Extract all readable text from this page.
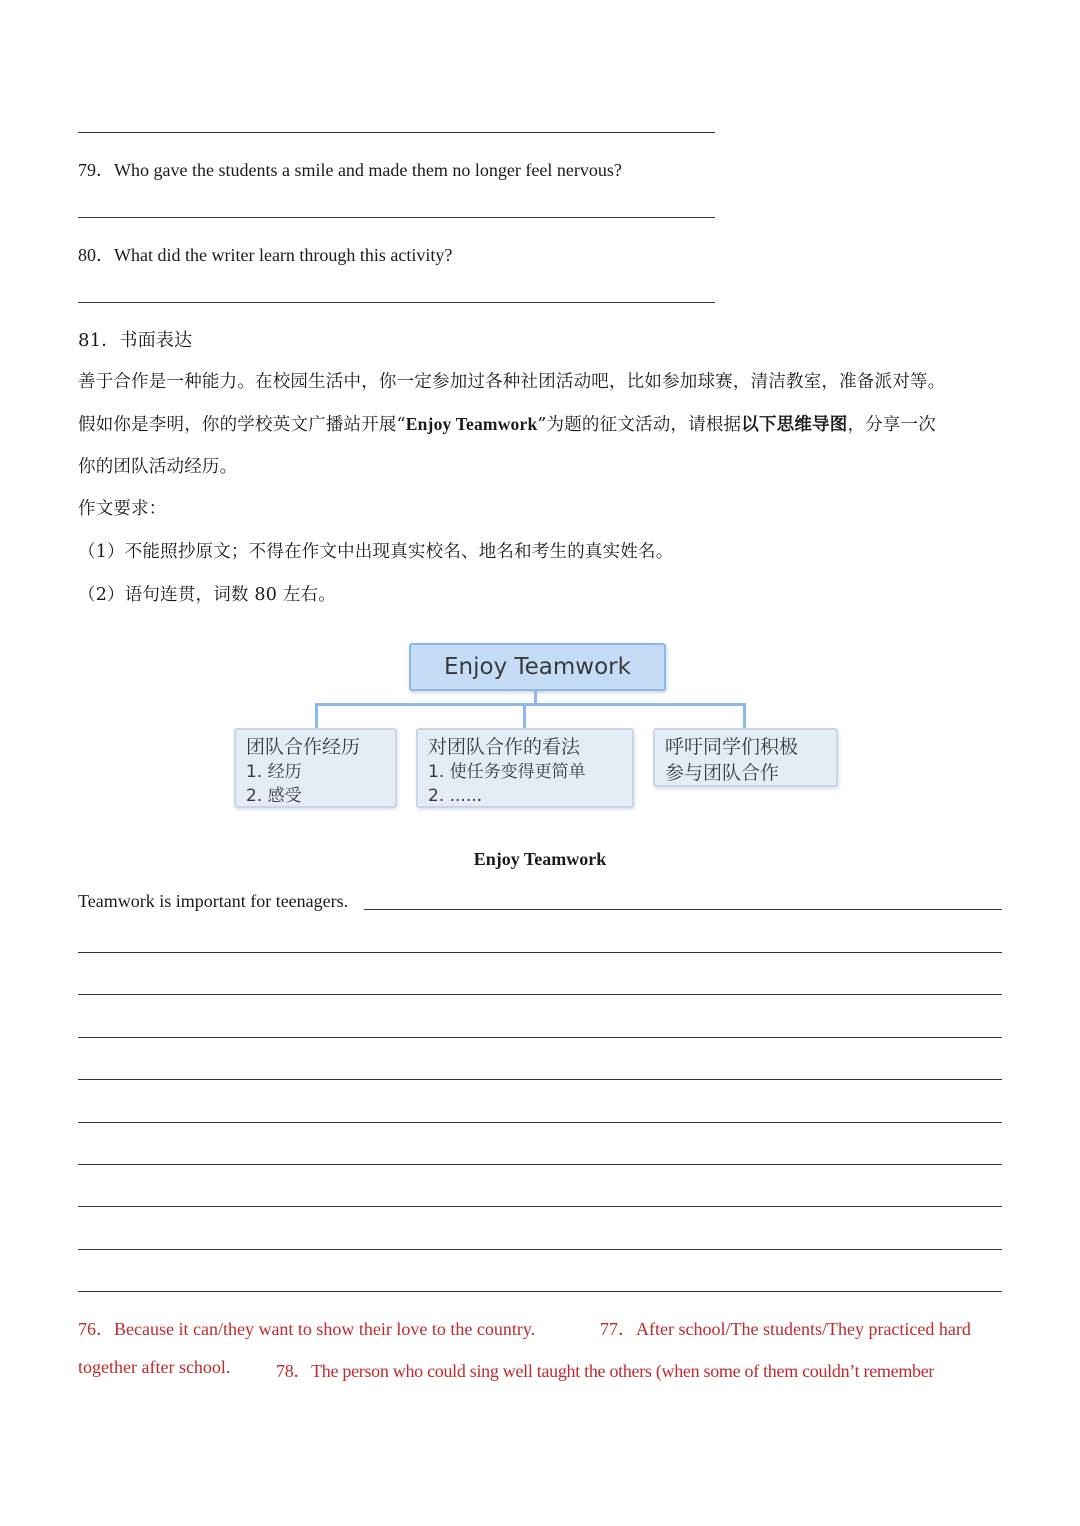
79．Who gave the students a smile and made them no longer feel nervous?
80．What did the writer learn through this activity?
81．书面表达
善于合作是一种能力。在校园生活中，你一定参加过各种社团活动吧，比如参加球赛，清洁教室，准备派对等。
假如你是李明，你的学校英文广播站开展“Enjoy Teamwork”为题的征文活动，请根据以下思维导图，分享一次
你的团队活动经历。
作文要求：
（1）不能照抄原文；不得在作文中出现真实校名、地名和考生的真实姓名。
（2）语句连贯，词数 80 左右。
Enjoy Teamwork
团队合作经历
1. 经历
2. 感受
对团队合作的看法
1. 使任务变得更简单
2. ......
呼吁同学们积极
参与团队合作
Enjoy Teamwork
Teamwork is important for teenagers.
76．Because it can/they want to show their love to the country.	77．After school/The students/They practiced hard
together after school.	78．The person who could sing well taught the others (when some of them couldn’t remember
